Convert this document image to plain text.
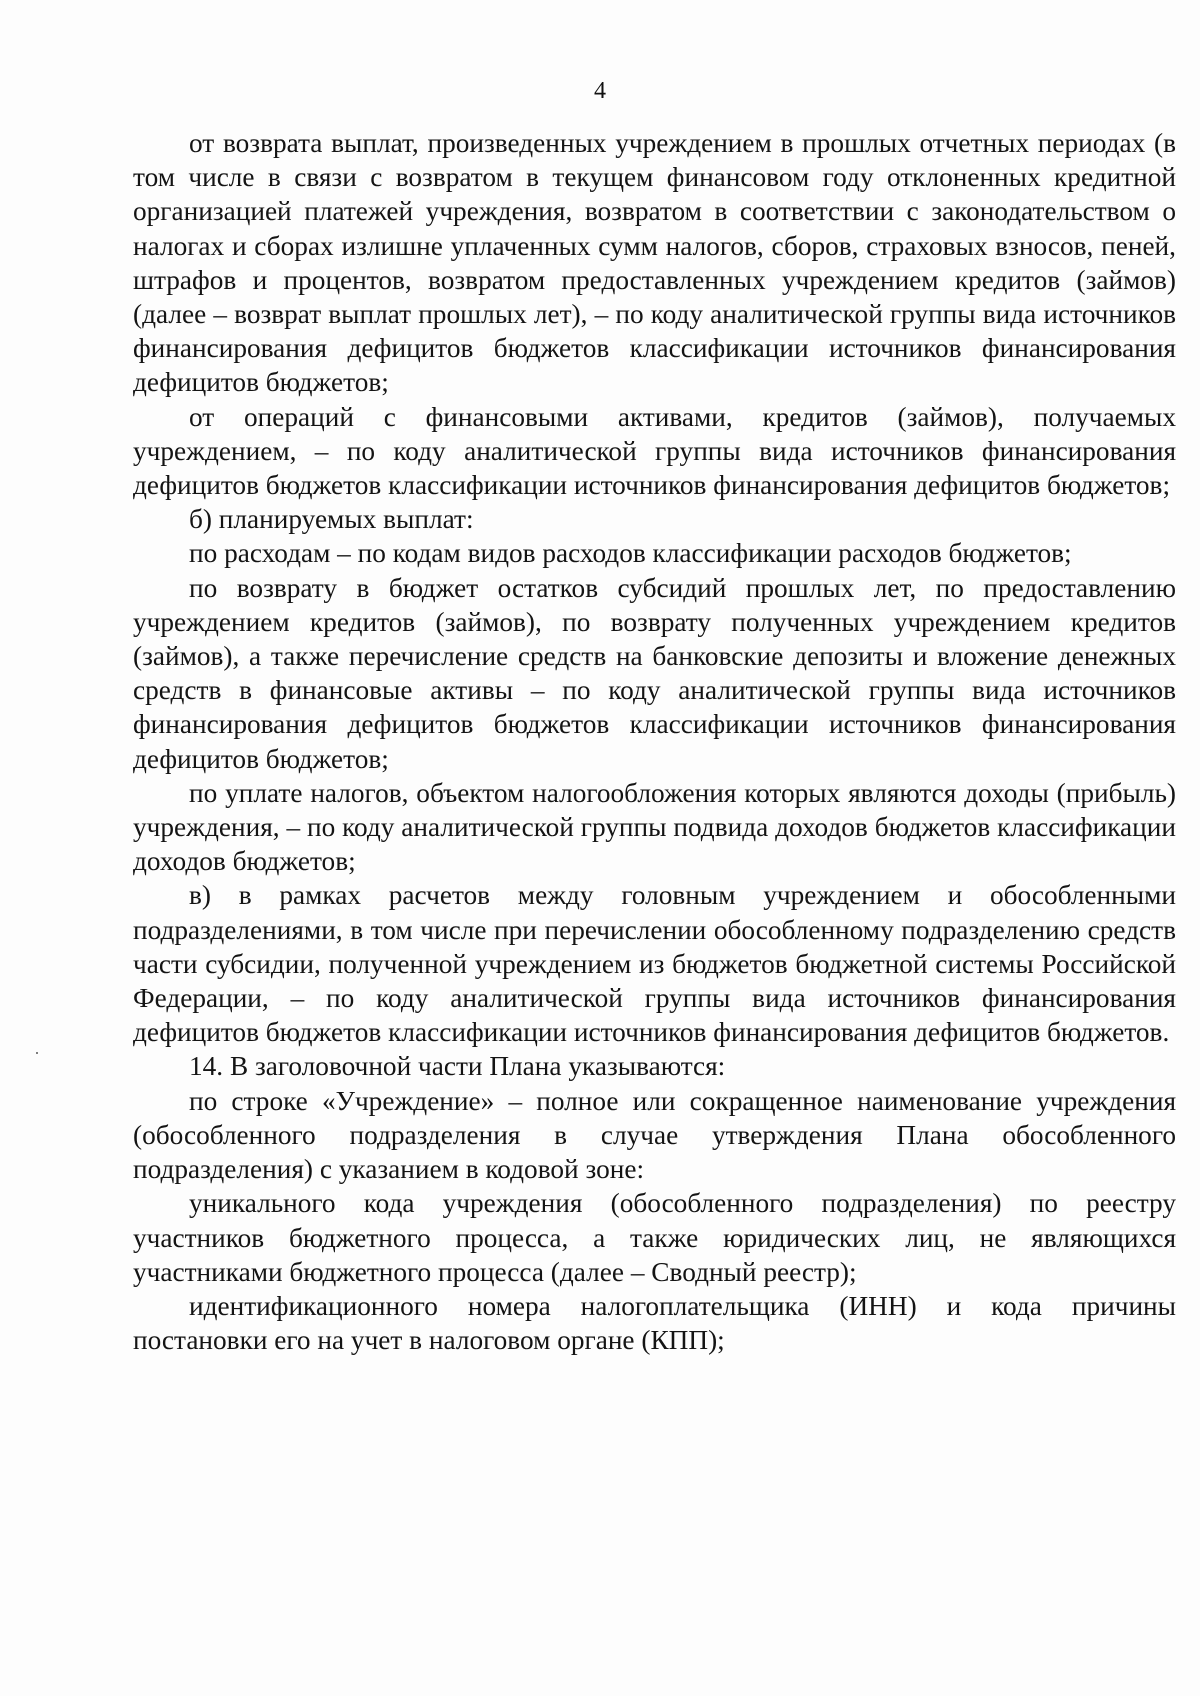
4

от возврата выплат, произведенных учреждением в прошлых отчетных периодах (в том числе в связи с возвратом в текущем финансовом году отклоненных кредитной организацией платежей учреждения, возвратом в соответствии с законодательством о налогах и сборах излишне уплаченных сумм налогов, сборов, страховых взносов, пеней, штрафов и процентов, возвратом предоставленных учреждением кредитов (займов) (далее – возврат выплат прошлых лет), – по коду аналитической группы вида источников финансирования дефицитов бюджетов классификации источников финансирования дефицитов бюджетов;

от операций с финансовыми активами, кредитов (займов), получаемых учреждением, – по коду аналитической группы вида источников финансирования дефицитов бюджетов классификации источников финансирования дефицитов бюджетов;

б) планируемых выплат:

по расходам – по кодам видов расходов классификации расходов бюджетов;

по возврату в бюджет остатков субсидий прошлых лет, по предоставлению учреждением кредитов (займов), по возврату полученных учреждением кредитов (займов), а также перечисление средств на банковские депозиты и вложение денежных средств в финансовые активы – по коду аналитической группы вида источников финансирования дефицитов бюджетов классификации источников финансирования дефицитов бюджетов;

по уплате налогов, объектом налогообложения которых являются доходы (прибыль) учреждения, – по коду аналитической группы подвида доходов бюджетов классификации доходов бюджетов;

в) в рамках расчетов между головным учреждением и обособленными подразделениями, в том числе при перечислении обособленному подразделению средств части субсидии, полученной учреждением из бюджетов бюджетной системы Российской Федерации, – по коду аналитической группы вида источников финансирования дефицитов бюджетов классификации источников финансирования дефицитов бюджетов.

14. В заголовочной части Плана указываются:

по строке «Учреждение» – полное или сокращенное наименование учреждения (обособленного подразделения в случае утверждения Плана обособленного подразделения) с указанием в кодовой зоне:

уникального кода учреждения (обособленного подразделения) по реестру участников бюджетного процесса, а также юридических лиц, не являющихся участниками бюджетного процесса (далее – Сводный реестр);

идентификационного номера налогоплательщика (ИНН) и кода причины постановки его на учет в налоговом органе (КПП);
